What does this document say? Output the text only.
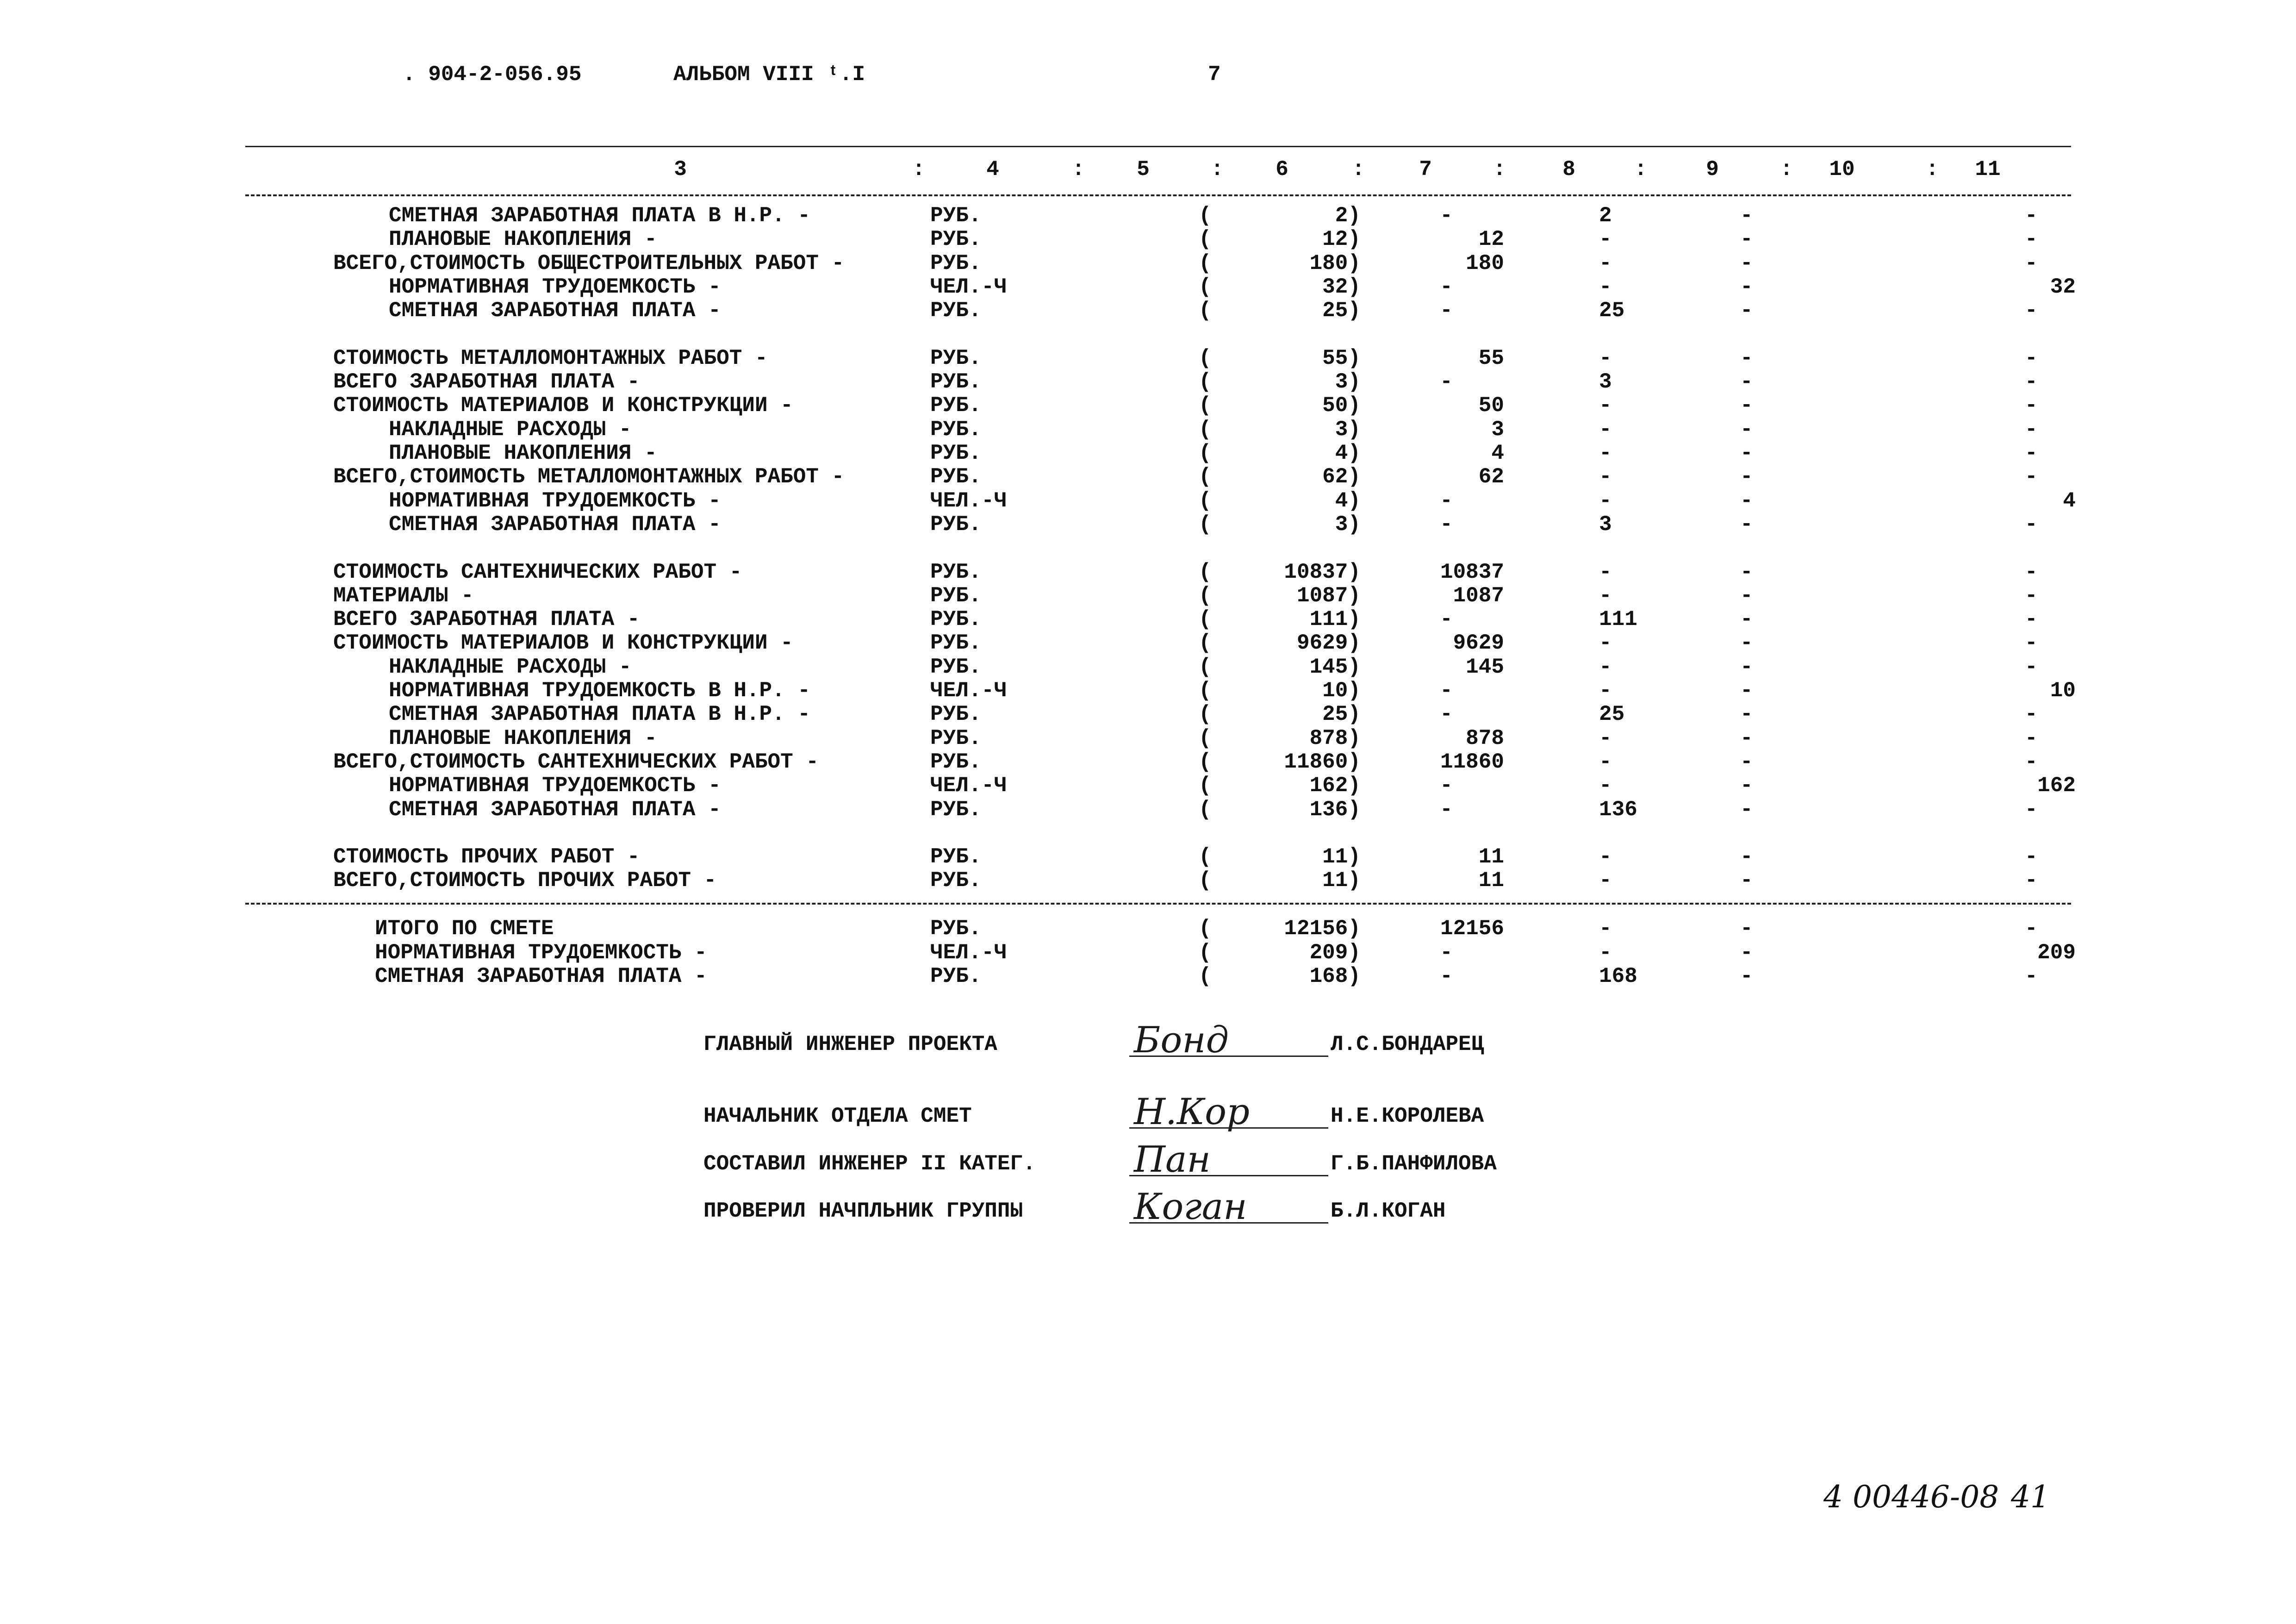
. 904-2-056.95	АЛЬБОМ VIII ᵗ.I	7
3	:	4	:	5	:	6	:	7	:	8	:	9	:	10	:	11
СМЕТНАЯ ЗАРАБОТНАЯ ПЛАТА В Н.Р. -	РУБ.	(	2)	-	2	-	-
ПЛАНОВЫЕ НАКОПЛЕНИЯ -	РУБ.	(	12)	12	-	-	-
ВСЕГО,СТОИМОСТЬ ОБЩЕСТРОИТЕЛЬНЫХ РАБОТ -	РУБ.	(	180)	180	-	-	-
НОРМАТИВНАЯ ТРУДОЕМКОСТЬ -	ЧЕЛ.-Ч	(	32)	-	-	-	32
СМЕТНАЯ ЗАРАБОТНАЯ ПЛАТА -	РУБ.	(	25)	-	25	-	-
СТОИМОСТЬ МЕТАЛЛОМОНТАЖНЫХ РАБОТ -	РУБ.	(	55)	55	-	-	-
ВСЕГО ЗАРАБОТНАЯ ПЛАТА -	РУБ.	(	3)	-	3	-	-
СТОИМОСТЬ МАТЕРИАЛОВ И КОНСТРУКЦИИ -	РУБ.	(	50)	50	-	-	-
НАКЛАДНЫЕ РАСХОДЫ -	РУБ.	(	3)	3	-	-	-
ПЛАНОВЫЕ НАКОПЛЕНИЯ -	РУБ.	(	4)	4	-	-	-
ВСЕГО,СТОИМОСТЬ МЕТАЛЛОМОНТАЖНЫХ РАБОТ -	РУБ.	(	62)	62	-	-	-
НОРМАТИВНАЯ ТРУДОЕМКОСТЬ -	ЧЕЛ.-Ч	(	4)	-	-	-	4
СМЕТНАЯ ЗАРАБОТНАЯ ПЛАТА -	РУБ.	(	3)	-	3	-	-
СТОИМОСТЬ САНТЕХНИЧЕСКИХ РАБОТ -	РУБ.	(	10837)	10837	-	-	-
МАТЕРИАЛЫ -	РУБ.	(	1087)	1087	-	-	-
ВСЕГО ЗАРАБОТНАЯ ПЛАТА -	РУБ.	(	111)	-	111	-	-
СТОИМОСТЬ МАТЕРИАЛОВ И КОНСТРУКЦИИ -	РУБ.	(	9629)	9629	-	-	-
НАКЛАДНЫЕ РАСХОДЫ -	РУБ.	(	145)	145	-	-	-
НОРМАТИВНАЯ ТРУДОЕМКОСТЬ В Н.Р. -	ЧЕЛ.-Ч	(	10)	-	-	-	10
СМЕТНАЯ ЗАРАБОТНАЯ ПЛАТА В Н.Р. -	РУБ.	(	25)	-	25	-	-
ПЛАНОВЫЕ НАКОПЛЕНИЯ -	РУБ.	(	878)	878	-	-	-
ВСЕГО,СТОИМОСТЬ САНТЕХНИЧЕСКИХ РАБОТ -	РУБ.	(	11860)	11860	-	-	-
НОРМАТИВНАЯ ТРУДОЕМКОСТЬ -	ЧЕЛ.-Ч	(	162)	-	-	-	162
СМЕТНАЯ ЗАРАБОТНАЯ ПЛАТА -	РУБ.	(	136)	-	136	-	-
СТОИМОСТЬ ПРОЧИХ РАБОТ -	РУБ.	(	11)	11	-	-	-
ВСЕГО,СТОИМОСТЬ ПРОЧИХ РАБОТ -	РУБ.	(	11)	11	-	-	-
ИТОГО ПО СМЕТЕ	РУБ.	(	12156)	12156	-	-	-
НОРМАТИВНАЯ ТРУДОЕМКОСТЬ -	ЧЕЛ.-Ч	(	209)	-	-	-	209
СМЕТНАЯ ЗАРАБОТНАЯ ПЛАТА -	РУБ.	(	168)	-	168	-	-
ГЛАВНЫЙ ИНЖЕНЕР ПРОЕКТА	Бонд	Л.С.БОНДАРЕЦ
НАЧАЛЬНИК ОТДЕЛА СМЕТ	Н.Кор	Н.Е.КОРОЛЕВА
СОСТАВИЛ ИНЖЕНЕР II КАТЕГ.	Пан	Г.Б.ПАНФИЛОВА
ПРОВЕРИЛ НАЧПЛЬНИК ГРУППЫ	Коган	Б.Л.КОГАН
4 00446-08 41
